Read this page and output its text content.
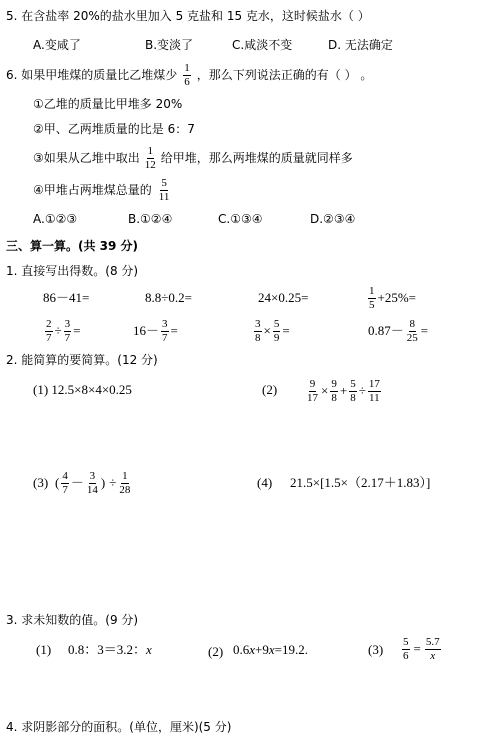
5. 在含盐率 20%的盐水里加入 5 克盐和 15 克水，这时候盐水（ ）
A.变咸了	B.变淡了	C.咸淡不变	D. 无法确定
6. 如果甲堆煤的质量比乙堆煤少 $\frac{1}{6}$ ，那么下列说法正确的有（ ） 。
①乙堆的质量比甲堆多 20%
②甲、乙两堆质量的比是 6：7
③如果从乙堆中取出 $\frac{1}{12}$ 给甲堆，那么两堆煤的质量就同样多
④甲堆占两堆煤总量的 $\frac{5}{11}$
A.①②③	B.①②④	C.①③④	D.②③④
三、算一算。(共 39 分)
1. 直接写出得数。(8 分)
86－41=	8.8÷0.2=	24×0.25=	$\frac{1}{5} +25\%=$
$\frac{2}{7} \div \frac{3}{7}$ =	$16- \frac{3}{7}$ =	$\frac{3}{8} \times \frac{5}{9}$ =	$0.87- \frac{8}{25}$ =
2. 能简算的要简算。(12 分)
(1) 12.5×8×4×0.25	(2)	$\frac{9}{17} \times \frac{9}{8} + \frac{5}{8} \div \frac{17}{11}$
(3) ( $\frac{4}{7} - \frac{3}{14}$ ) ÷ $\frac{1}{28}$	(4) 21.5×[1.5×（2.17＋1.83）]
3. 求未知数的值。(9 分)
(1) 0.8：3＝3.2：x	(2) 0.6x+9x=19.2.	$(3) \frac{5}{6} = \frac{5.7}{x}$
4. 求阴影部分的面积。(单位，厘米)(5 分)
